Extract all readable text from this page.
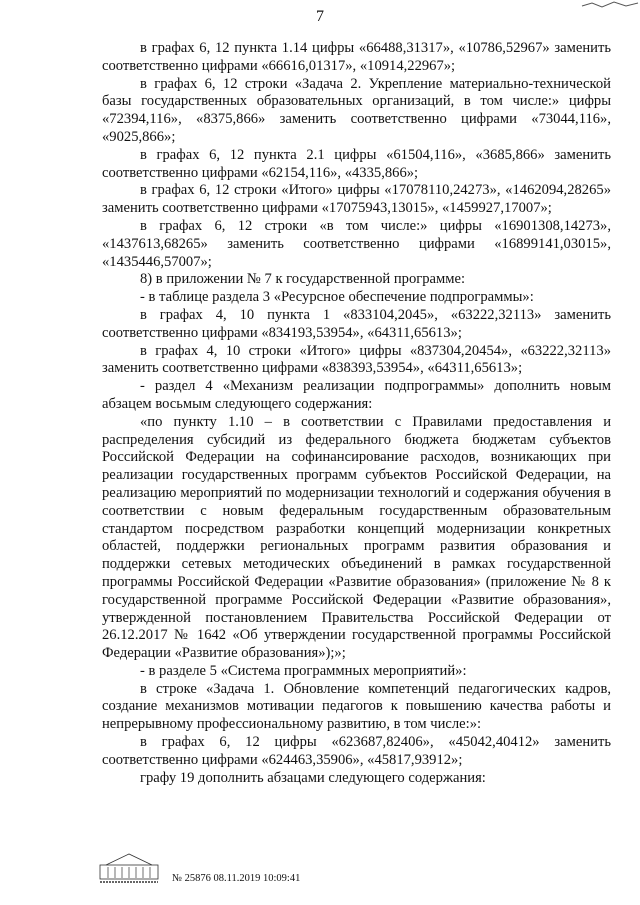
7

в графах 6, 12 пункта 1.14 цифры «66488,31317», «10786,52967» заменить соответственно цифрами «66616,01317», «10914,22967»;

в графах 6, 12 строки «Задача 2. Укрепление материально-технической базы государственных образовательных организаций, в том числе:» цифры «72394,116», «8375,866» заменить соответственно цифрами «73044,116», «9025,866»;

в графах 6, 12 пункта 2.1 цифры «61504,116», «3685,866» заменить соответственно цифрами «62154,116», «4335,866»;

в графах 6, 12 строки «Итого» цифры «17078110,24273», «1462094,28265» заменить соответственно цифрами «17075943,13015», «1459927,17007»;

в графах 6, 12 строки «в том числе:» цифры «16901308,14273», «1437613,68265» заменить соответственно цифрами «16899141,03015», «1435446,57007»;

8) в приложении № 7 к государственной программе:

- в таблице раздела 3 «Ресурсное обеспечение подпрограммы»:

в графах 4, 10 пункта 1 «833104,2045», «63222,32113» заменить соответственно цифрами «834193,53954», «64311,65613»;

в графах 4, 10 строки «Итого» цифры «837304,20454», «63222,32113» заменить соответственно цифрами «838393,53954», «64311,65613»;

- раздел 4 «Механизм реализации подпрограммы» дополнить новым абзацем восьмым следующего содержания:

«по пункту 1.10 – в соответствии с Правилами предоставления и распределения субсидий из федерального бюджета бюджетам субъектов Российской Федерации на софинансирование расходов, возникающих при реализации государственных программ субъектов Российской Федерации, на реализацию мероприятий по модернизации технологий и содержания обучения в соответствии с новым федеральным государственным образовательным стандартом посредством разработки концепций модернизации конкретных областей, поддержки региональных программ развития образования и поддержки сетевых методических объединений в рамках государственной программы Российской Федерации «Развитие образования» (приложение № 8 к государственной программе Российской Федерации «Развитие образования», утвержденной постановлением Правительства Российской Федерации от 26.12.2017 № 1642 «Об утверждении государственной программы Российской Федерации «Развитие образования»);»;

- в разделе 5 «Система программных мероприятий»:

в строке «Задача 1. Обновление компетенций педагогических кадров, создание механизмов мотивации педагогов к повышению качества работы и непрерывному профессиональному развитию, в том числе:»:

в графах 6, 12 цифры «623687,82406», «45042,40412» заменить соответственно цифрами «624463,35906», «45817,93912»;

графу 19 дополнить абзацами следующего содержания:

№ 25876 08.11.2019 10:09:41
